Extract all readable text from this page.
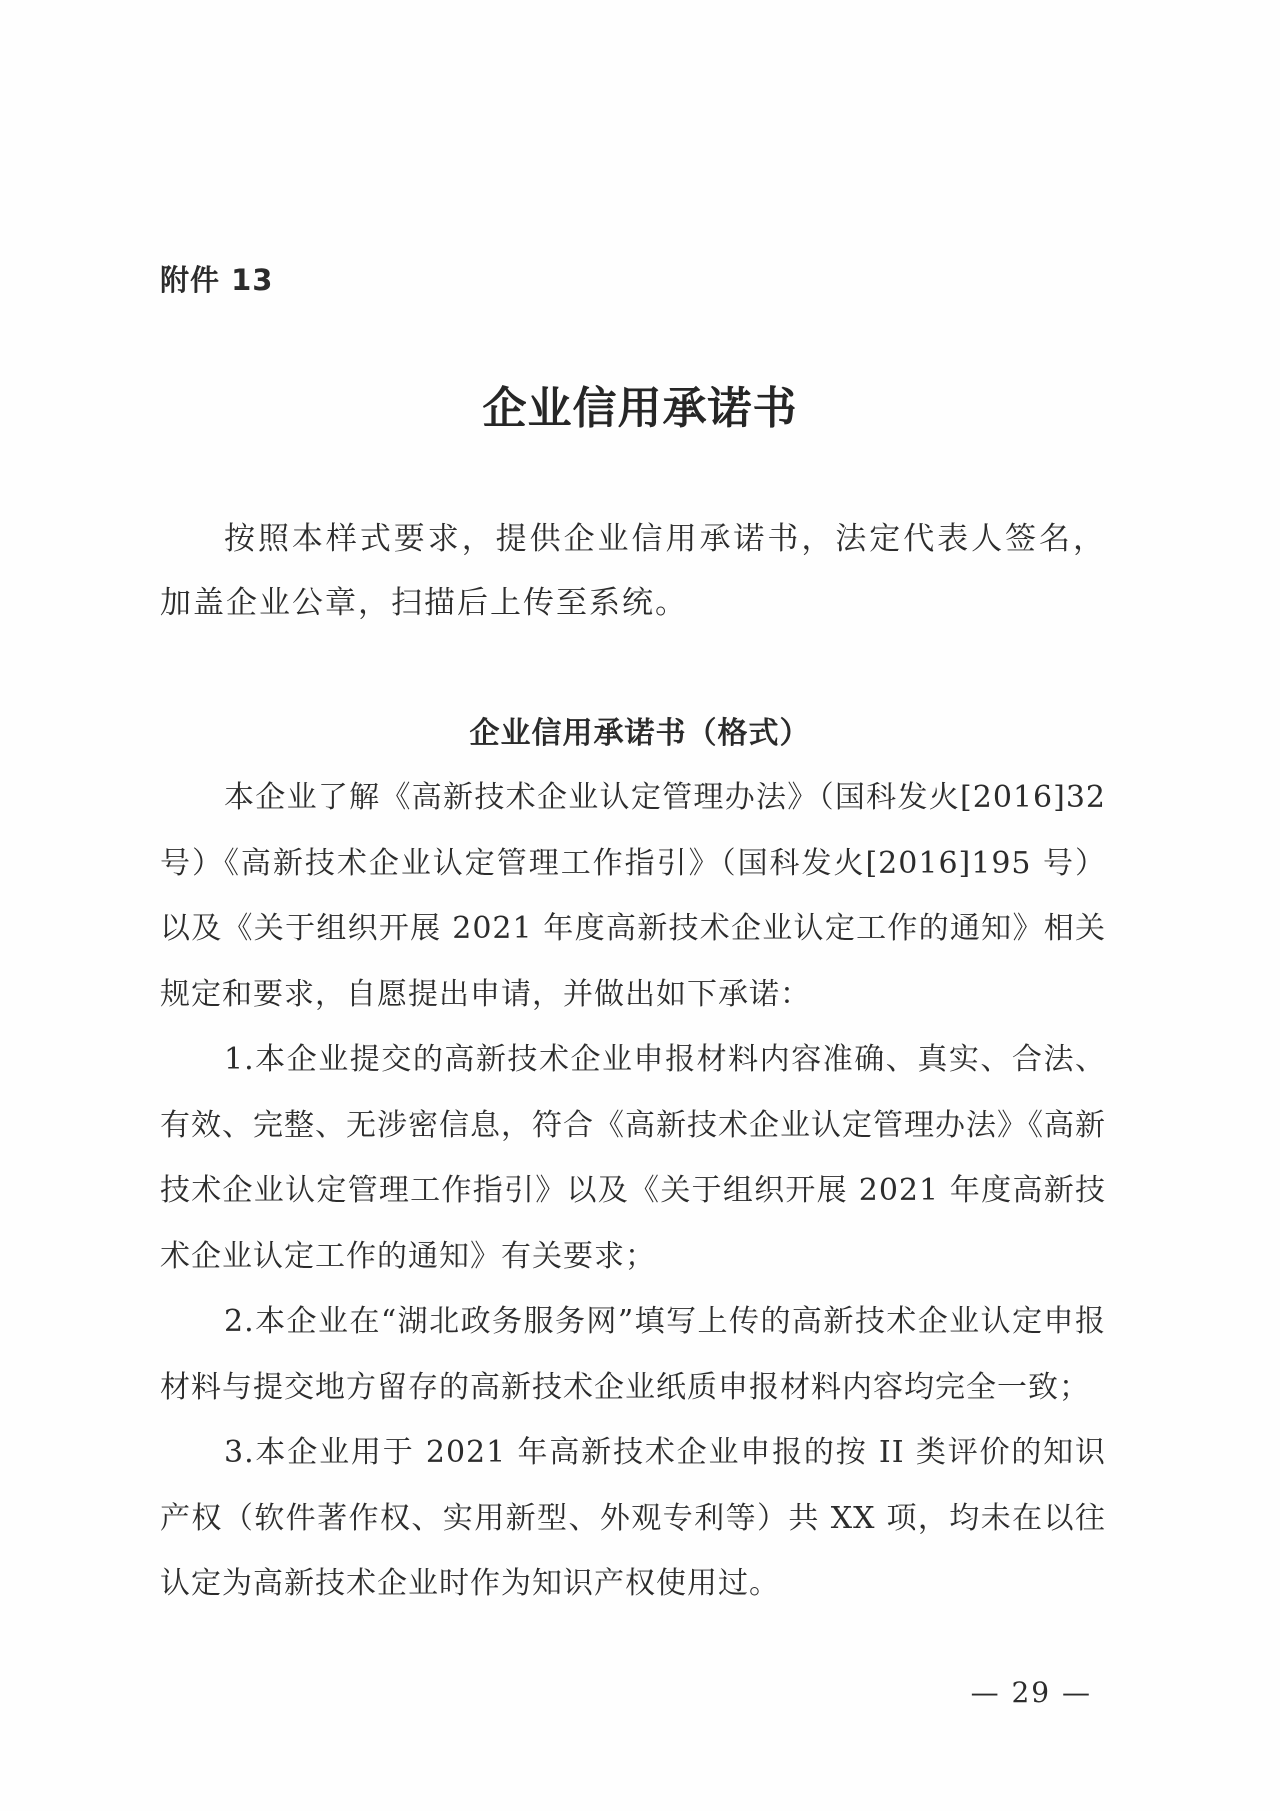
附件 13
企业信用承诺书

按照本样式要求，提供企业信用承诺书，法定代表人签名，加盖企业公章，扫描后上传至系统。

企业信用承诺书（格式）

本企业了解《高新技术企业认定管理办法》（国科发火[2016]32 号）《高新技术企业认定管理工作指引》（国科发火[2016]195 号）以及《关于组织开展 2021 年度高新技术企业认定工作的通知》相关规定和要求，自愿提出申请，并做出如下承诺：

1.本企业提交的高新技术企业申报材料内容准确、真实、合法、有效、完整、无涉密信息，符合《高新技术企业认定管理办法》《高新技术企业认定管理工作指引》以及《关于组织开展 2021 年度高新技术企业认定工作的通知》有关要求；

2.本企业在“湖北政务服务网”填写上传的高新技术企业认定申报材料与提交地方留存的高新技术企业纸质申报材料内容均完全一致；

3.本企业用于 2021 年高新技术企业申报的按 II 类评价的知识产权（软件著作权、实用新型、外观专利等）共 XX 项，均未在以往认定为高新技术企业时作为知识产权使用过。

— 29 —
